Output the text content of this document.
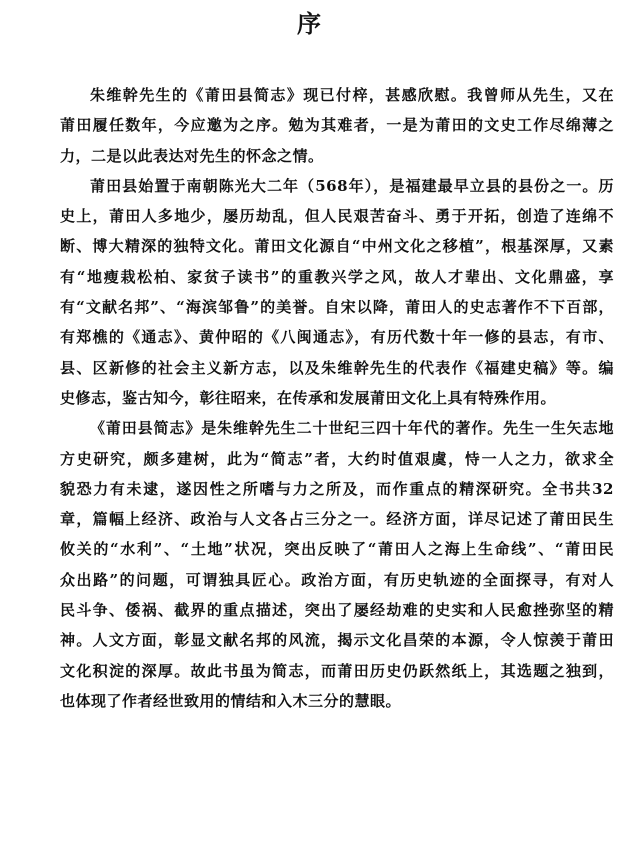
序
朱维幹先生的《莆田县简志》现已付梓，甚感欣慰。我曾师从先生，又在
莆田履任数年，今应邀为之序。勉为其难者，一是为莆田的文史工作尽绵薄之
力，二是以此表达对先生的怀念之情。
莆田县始置于南朝陈光大二年（568年），是福建最早立县的县份之一。历
史上，莆田人多地少，屡历劫乱，但人民艰苦奋斗、勇于开拓，创造了连绵不
断、博大精深的独特文化。莆田文化源自“中州文化之移植”，根基深厚，又素
有“地瘦栽松柏、家贫子读书”的重教兴学之风，故人才辈出、文化鼎盛，享
有“文献名邦”、“海滨邹鲁”的美誉。自宋以降，莆田人的史志著作不下百部，
有郑樵的《通志》、黄仲昭的《八闽通志》，有历代数十年一修的县志，有市、
县、区新修的社会主义新方志，以及朱维幹先生的代表作《福建史稿》等。编
史修志，鉴古知今，彰往昭来，在传承和发展莆田文化上具有特殊作用。
《莆田县简志》是朱维幹先生二十世纪三四十年代的著作。先生一生矢志地
方史研究，颇多建树，此为“简志”者，大约时值艰虞，恃一人之力，欲求全
貌恐力有未逮，遂因性之所嗜与力之所及，而作重点的精深研究。全书共32
章，篇幅上经济、政治与人文各占三分之一。经济方面，详尽记述了莆田民生
攸关的“水利”、“土地”状况，突出反映了“莆田人之海上生命线”、“莆田民
众出路”的问题，可谓独具匠心。政治方面，有历史轨迹的全面探寻，有对人
民斗争、倭祸、截界的重点描述，突出了屡经劫难的史实和人民愈挫弥坚的精
神。人文方面，彰显文献名邦的风流，揭示文化昌荣的本源，令人惊羡于莆田
文化积淀的深厚。故此书虽为简志，而莆田历史仍跃然纸上，其选题之独到，
也体现了作者经世致用的情结和入木三分的慧眼。
